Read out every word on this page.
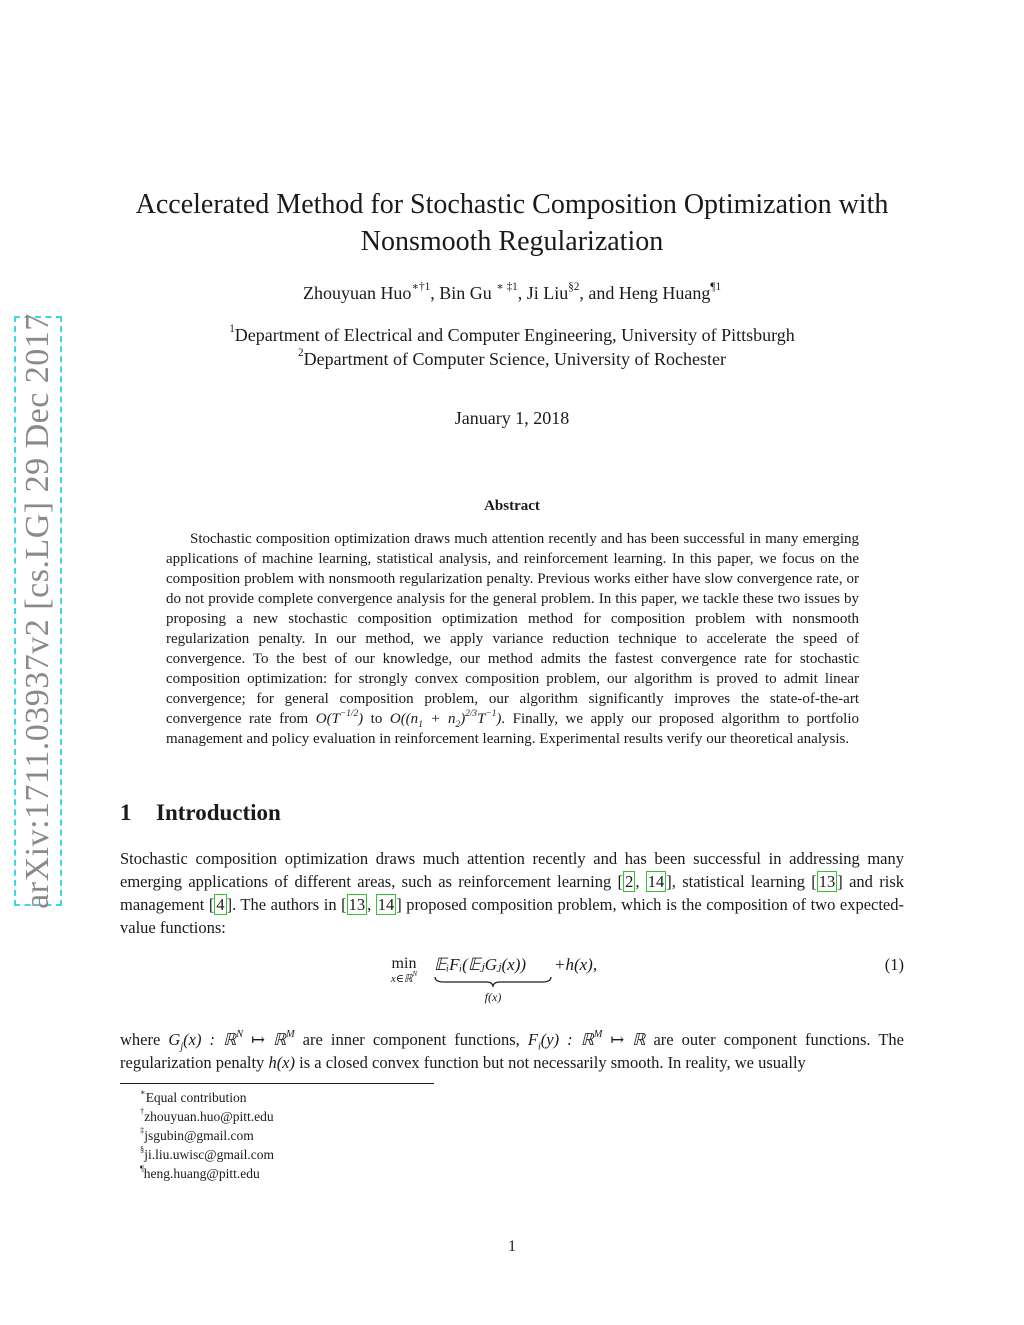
arXiv:1711.03937v2 [cs.LG] 29 Dec 2017
Accelerated Method for Stochastic Composition Optimization with
Nonsmooth Regularization
Zhouyuan Huo$^{∗\dagger 1}$, Bin Gu $^{∗ \ddagger 1}$, Ji Liu$^{\S 2}$, and Heng Huang$^{\P 1}$
$^1$Department of Electrical and Computer Engineering, University of Pittsburgh
$^2$Department of Computer Science, University of Rochester
January 1, 2018
Abstract
Stochastic composition optimization draws much attention recently and has been successful in many emerging applications of machine learning, statistical analysis, and reinforcement learning. In this paper, we focus on the composition problem with nonsmooth regularization penalty. Previous works either have slow convergence rate, or do not provide complete convergence analysis for the general problem. In this paper, we tackle these two issues by proposing a new stochastic composition optimization method for composition problem with nonsmooth regularization penalty. In our method, we apply variance reduction technique to accelerate the speed of convergence. To the best of our knowledge, our method admits the fastest convergence rate for stochastic composition optimization: for strongly convex composition problem, our algorithm is proved to admit linear convergence; for general composition problem, our algorithm significantly improves the state-of-the-art convergence rate from $O(T^{-1/2})$ to $O((n_1 + n_2)^{2/3}T^{-1})$. Finally, we apply our proposed algorithm to portfolio management and policy evaluation in reinforcement learning. Experimental results verify our theoretical analysis.
1 Introduction
Stochastic composition optimization draws much attention recently and has been successful in addressing many emerging applications of different areas, such as reinforcement learning [ 2 , 14 ], statistical learning [ 13 ] and risk management [ 4 ]. The authors in [ 13 , 14 ] proposed composition problem, which is the composition of two expected-value functions:
min
x∈ℝ$^N$
𝔼ᵢFᵢ(𝔼ⱼGⱼ(x))
f(x)
+h(x),	(1)
where $G_j(x)$ : ℝ$^N$ ↦ ℝ$^M$ are inner component functions, $F_i(y)$ : ℝ$^M$ ↦ ℝ are outer component functions. The regularization penalty h(x) is a closed convex function but not necessarily smooth. In reality, we usually
∗Equal contribution
†zhouyuan.huo@pitt.edu
‡jsgubin@gmail.com
§ji.liu.uwisc@gmail.com
¶heng.huang@pitt.edu
1
